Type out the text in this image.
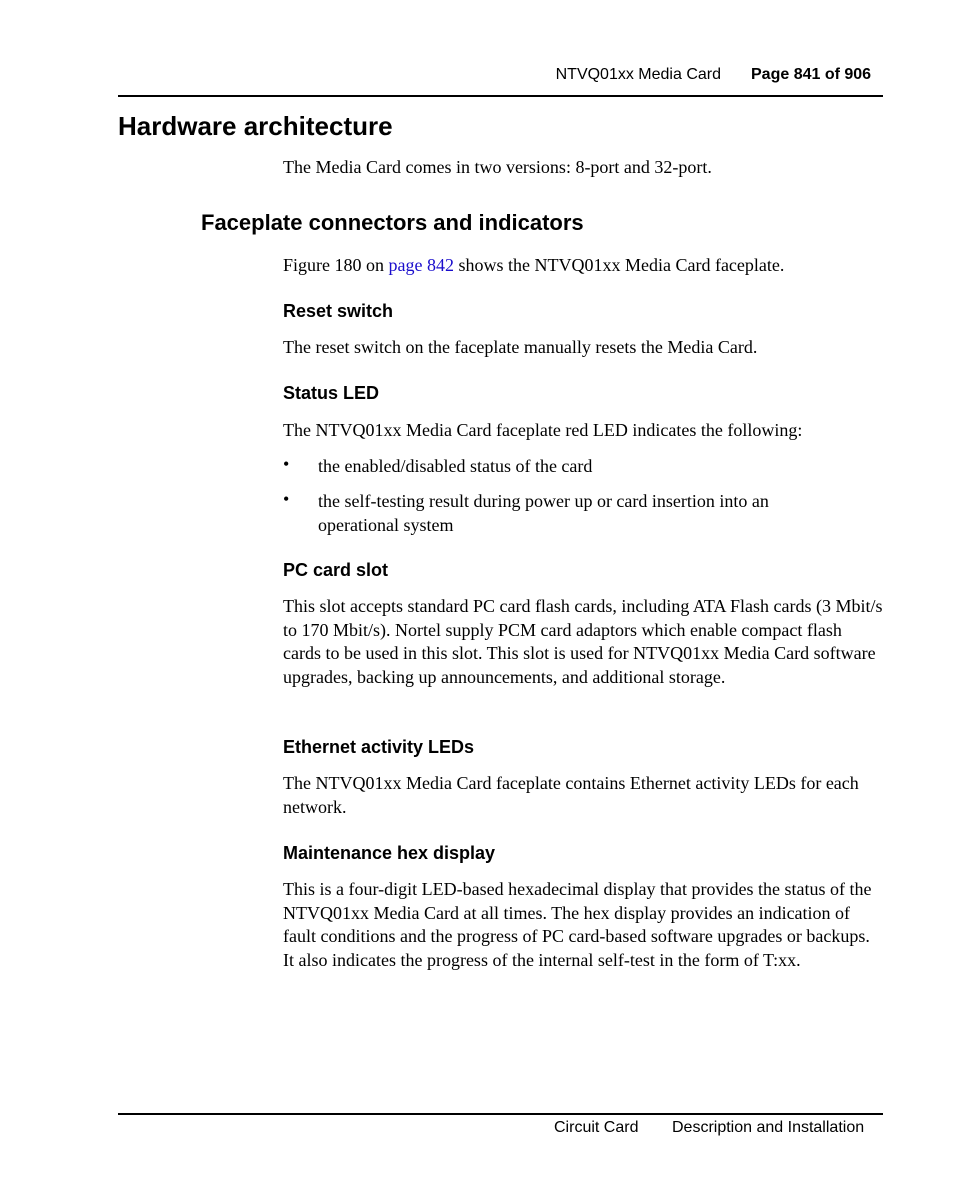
NTVQ01xx Media Card Page 841 of 906
Hardware architecture
The Media Card comes in two versions: 8-port and 32-port.
Faceplate connectors and indicators
Figure 180 on page 842 shows the NTVQ01xx Media Card faceplate.
Reset switch
The reset switch on the faceplate manually resets the Media Card.
Status LED
The NTVQ01xx Media Card faceplate red LED indicates the following:
• the enabled/disabled status of the card
• the self-testing result during power up or card insertion into an operational system
PC card slot
This slot accepts standard PC card flash cards, including ATA Flash cards (3 Mbit/s to 170 Mbit/s). Nortel supply PCM card adaptors which enable compact flash cards to be used in this slot. This slot is used for NTVQ01xx Media Card software upgrades, backing up announcements, and additional storage.
Ethernet activity LEDs
The NTVQ01xx Media Card faceplate contains Ethernet activity LEDs for each network.
Maintenance hex display
This is a four-digit LED-based hexadecimal display that provides the status of the NTVQ01xx Media Card at all times. The hex display provides an indication of fault conditions and the progress of PC card-based software upgrades or backups. It also indicates the progress of the internal self-test in the form of T:xx.
Circuit Card Description and Installation
